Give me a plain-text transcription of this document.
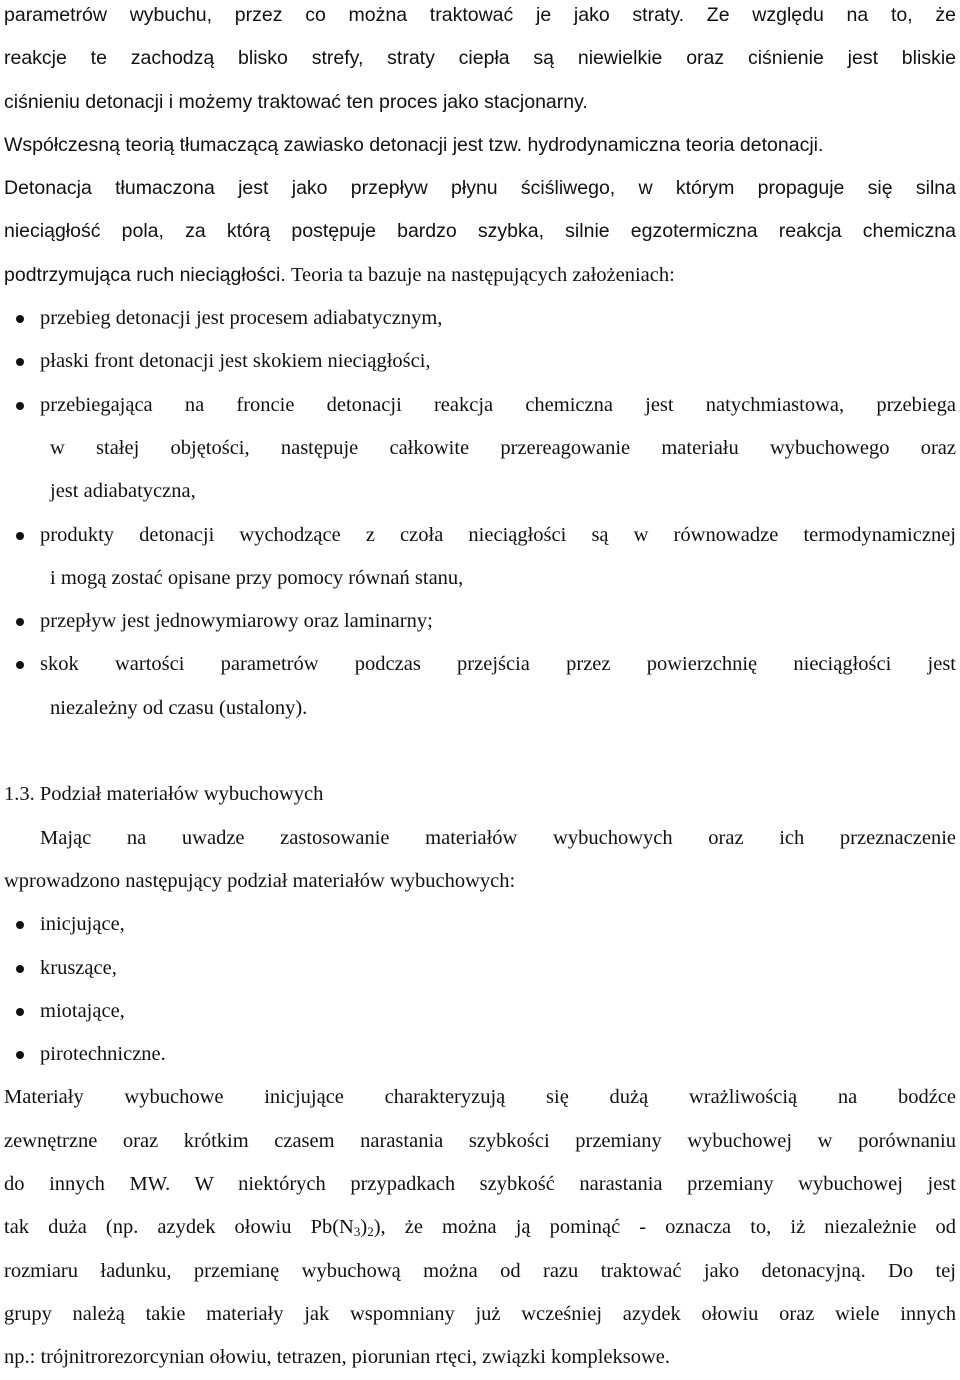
parametrów wybuchu, przez co można traktować je jako straty. Ze względu na to, że
reakcje te zachodzą blisko strefy, straty ciepła są niewielkie oraz ciśnienie jest bliskie
ciśnieniu detonacji i możemy traktować ten proces jako stacjonarny.
Współczesną teorią tłumaczącą zawiasko detonacji jest tzw. hydrodynamiczna teoria detonacji.
Detonacja tłumaczona jest jako przepływ płynu ściśliwego, w którym propaguje się silna
nieciągłość pola, za którą postępuje bardzo szybka, silnie egzotermiczna reakcja chemiczna
podtrzymująca ruch nieciągłości. Teoria ta bazuje na następujących założeniach:
przebieg detonacji jest procesem adiabatycznym,
płaski front detonacji jest skokiem nieciągłości,
przebiegająca na froncie detonacji reakcja chemiczna jest natychmiastowa, przebiega
w stałej objętości, następuje całkowite przereagowanie materiału wybuchowego oraz
jest adiabatyczna,
produkty detonacji wychodzące z czoła nieciągłości są w równowadze termodynamicznej
i mogą zostać opisane przy pomocy równań stanu,
przepływ jest jednowymiarowy oraz laminarny;
skok wartości parametrów podczas przejścia przez powierzchnię nieciągłości jest
niezależny od czasu (ustalony).
1.3. Podział materiałów wybuchowych
Mając na uwadze zastosowanie materiałów wybuchowych oraz ich przeznaczenie
wprowadzono następujący podział materiałów wybuchowych:
inicjujące,
kruszące,
miotające,
pirotechniczne.
Materiały wybuchowe inicjujące charakteryzują się dużą wrażliwością na bodźce
zewnętrzne oraz krótkim czasem narastania szybkości przemiany wybuchowej w porównaniu
do innych MW. W niektórych przypadkach szybkość narastania przemiany wybuchowej jest
tak duża (np. azydek ołowiu $Pb(N_3)_2$), że można ją pominąć - oznacza to, iż niezależnie od
rozmiaru ładunku, przemianę wybuchową można od razu traktować jako detonacyjną. Do tej
grupy należą takie materiały jak wspomniany już wcześniej azydek ołowiu oraz wiele innych
np.: trójnitrorezorcynian ołowiu, tetrazen, piorunian rtęci, związki kompleksowe.
